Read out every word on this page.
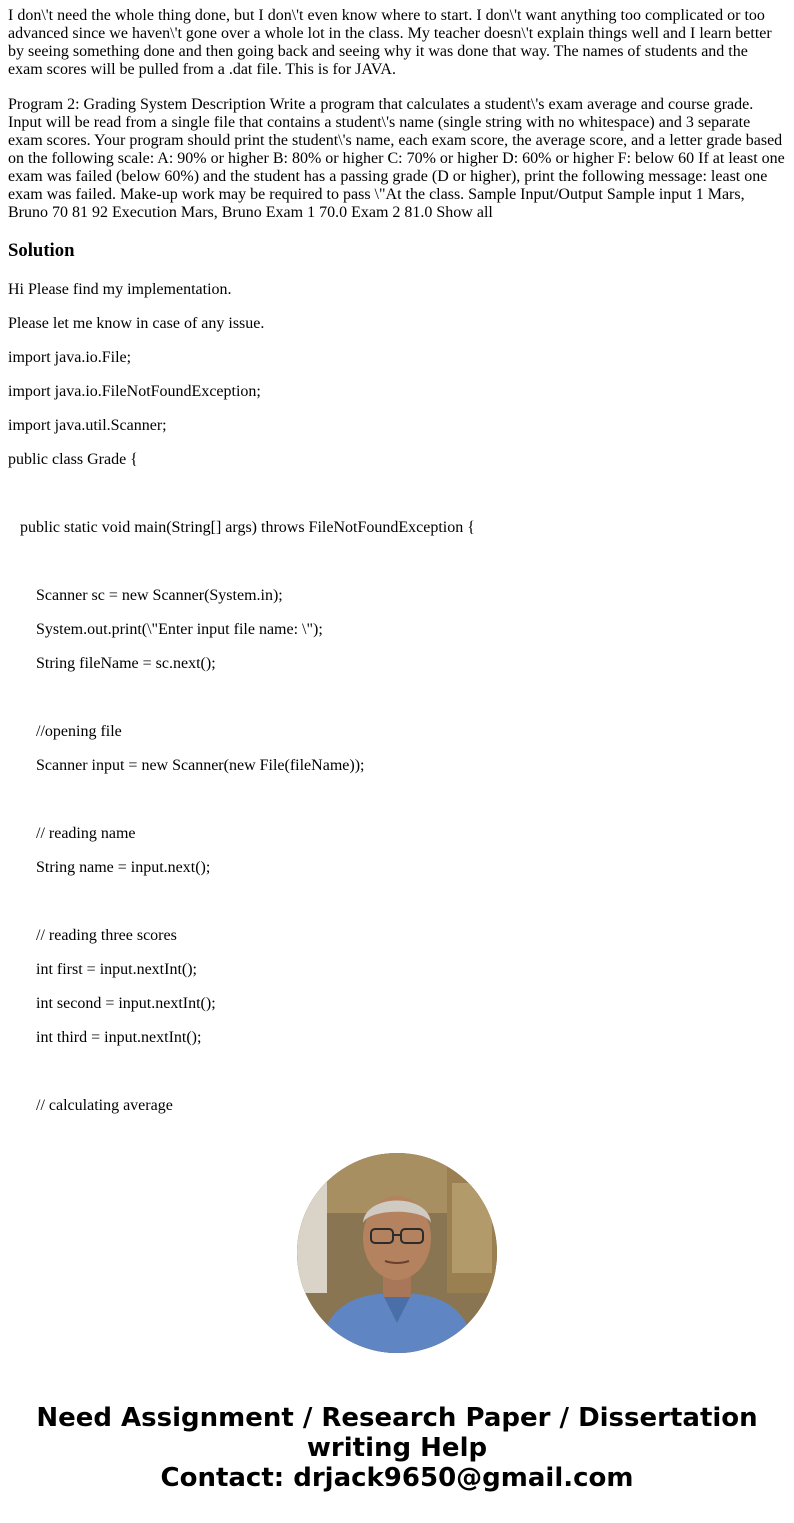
I don\'t need the whole thing done, but I don\'t even know where to start. I don\'t want anything too complicated or too advanced since we haven\'t gone over a whole lot in the class. My teacher doesn\'t explain things well and I learn better by seeing something done and then going back and seeing why it was done that way. The names of students and the exam scores will be pulled from a .dat file. This is for JAVA.

Program 2: Grading System Description Write a program that calculates a student\'s exam average and course grade. Input will be read from a single file that contains a student\'s name (single string with no whitespace) and 3 separate exam scores. Your program should print the student\'s name, each exam score, the average score, and a letter grade based on the following scale: A: 90% or higher B: 80% or higher C: 70% or higher D: 60% or higher F: below 60 If at least one exam was failed (below 60%) and the student has a passing grade (D or higher), print the following message: least one exam was failed. Make-up work may be required to pass \"At the class. Sample Input/Output Sample input 1 Mars, Bruno 70 81 92 Execution Mars, Bruno Exam 1 70.0 Exam 2 81.0 Show all

Solution

Hi Please find my implementation.

Please let me know in case of any issue.

import java.io.File;

import java.io.FileNotFoundException;

import java.util.Scanner;

public class Grade {

public static void main(String[] args) throws FileNotFoundException {

Scanner sc = new Scanner(System.in);

System.out.print(\"Enter input file name: \");

String fileName = sc.next();

//opening file

Scanner input = new Scanner(new File(fileName));

// reading name

String name = input.next();

// reading three scores

int first = input.nextInt();

int second = input.nextInt();

int third = input.nextInt();

// calculating average

Need Assignment / Research Paper / Dissertation
writing Help
Contact: drjack9650@gmail.com
